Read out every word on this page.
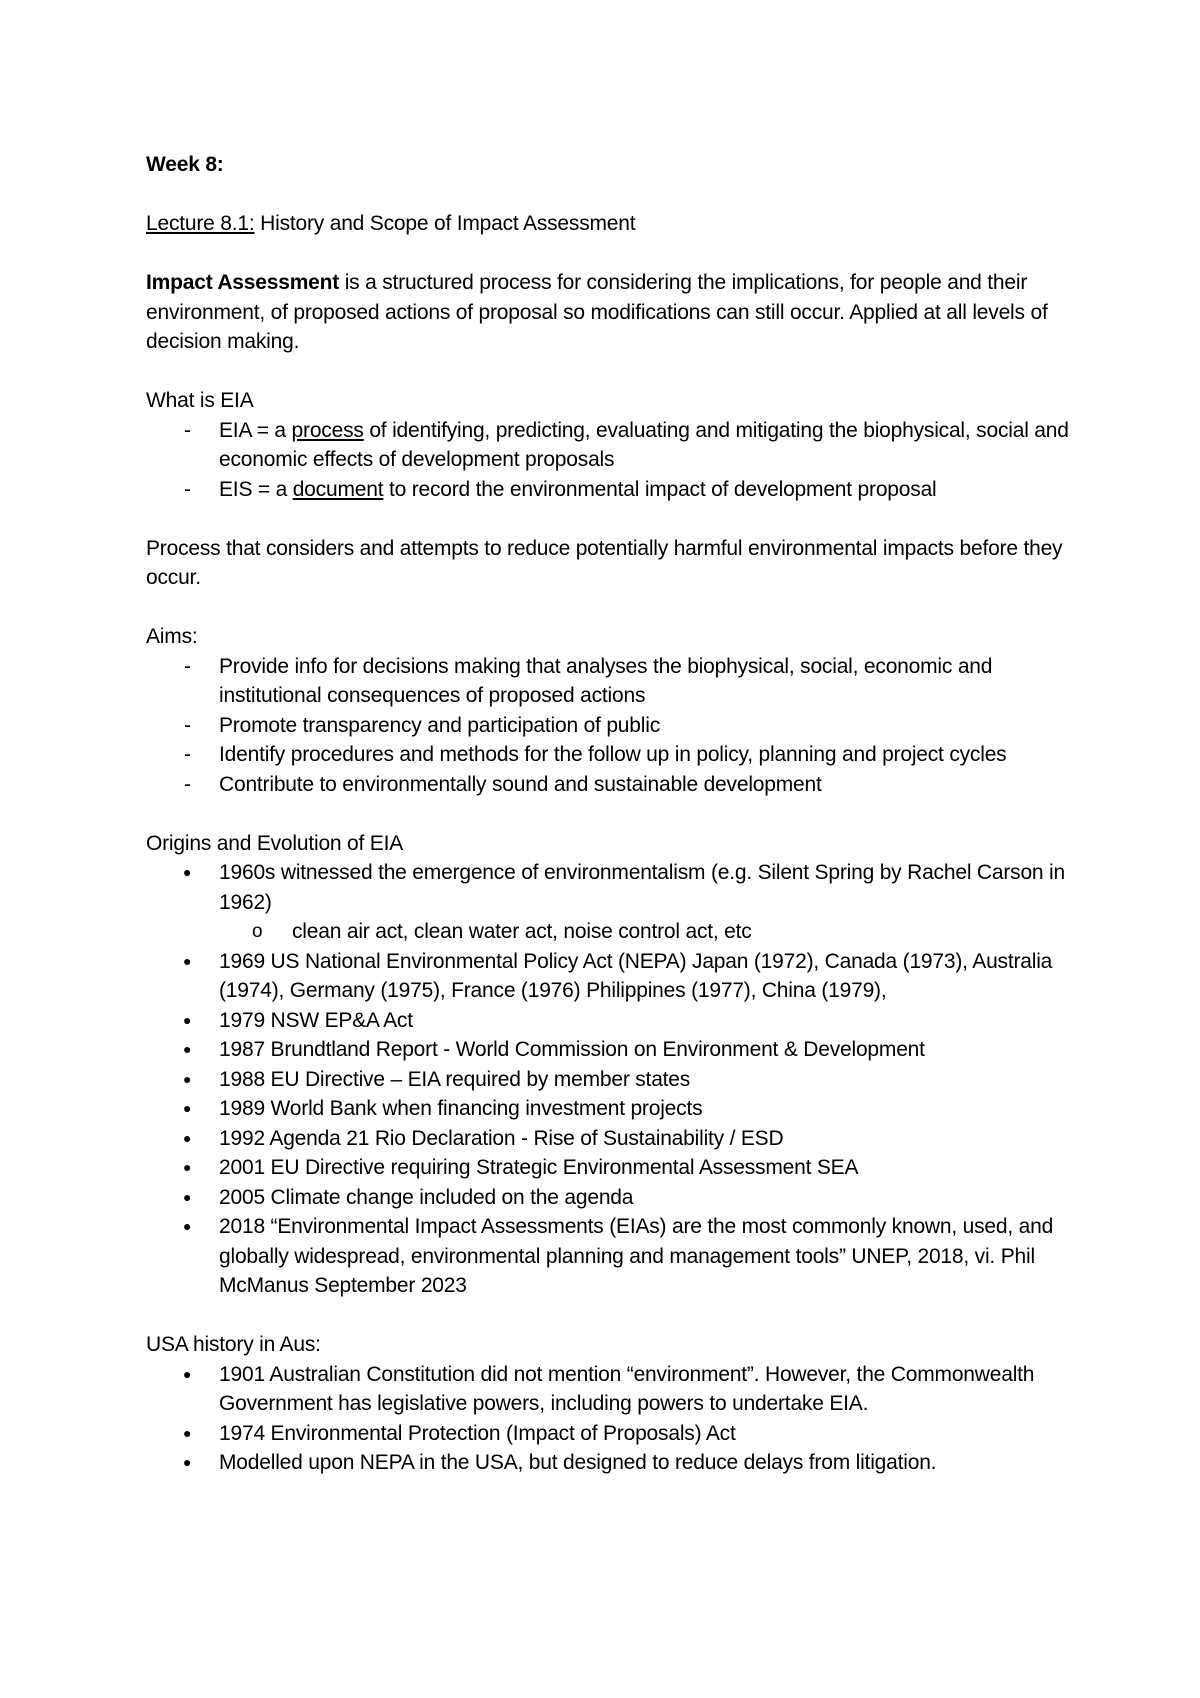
Week 8:

Lecture 8.1: History and Scope of Impact Assessment

Impact Assessment is a structured process for considering the implications, for people and their environment, of proposed actions of proposal so modifications can still occur. Applied at all levels of decision making.

What is EIA

- EIA = a process of identifying, predicting, evaluating and mitigating the biophysical, social and economic effects of development proposals
- EIS = a document to record the environmental impact of development proposal

Process that considers and attempts to reduce potentially harmful environmental impacts before they occur.

Aims:

- Provide info for decisions making that analyses the biophysical, social, economic and institutional consequences of proposed actions
- Promote transparency and participation of public
- Identify procedures and methods for the follow up in policy, planning and project cycles
- Contribute to environmentally sound and sustainable development

Origins and Evolution of EIA

● 1960s witnessed the emergence of environmentalism (e.g. Silent Spring by Rachel Carson in 1962)
o clean air act, clean water act, noise control act, etc
● 1969 US National Environmental Policy Act (NEPA) Japan (1972), Canada (1973), Australia (1974), Germany (1975), France (1976) Philippines (1977), China (1979),
● 1979 NSW EP&A Act
● 1987 Brundtland Report - World Commission on Environment & Development
● 1988 EU Directive – EIA required by member states
● 1989 World Bank when financing investment projects
● 1992 Agenda 21 Rio Declaration - Rise of Sustainability / ESD
● 2001 EU Directive requiring Strategic Environmental Assessment SEA
● 2005 Climate change included on the agenda
● 2018 “Environmental Impact Assessments (EIAs) are the most commonly known, used, and globally widespread, environmental planning and management tools” UNEP, 2018, vi. Phil McManus September 2023

USA history in Aus:

● 1901 Australian Constitution did not mention “environment”. However, the Commonwealth Government has legislative powers, including powers to undertake EIA.
● 1974 Environmental Protection (Impact of Proposals) Act
● Modelled upon NEPA in the USA, but designed to reduce delays from litigation.
